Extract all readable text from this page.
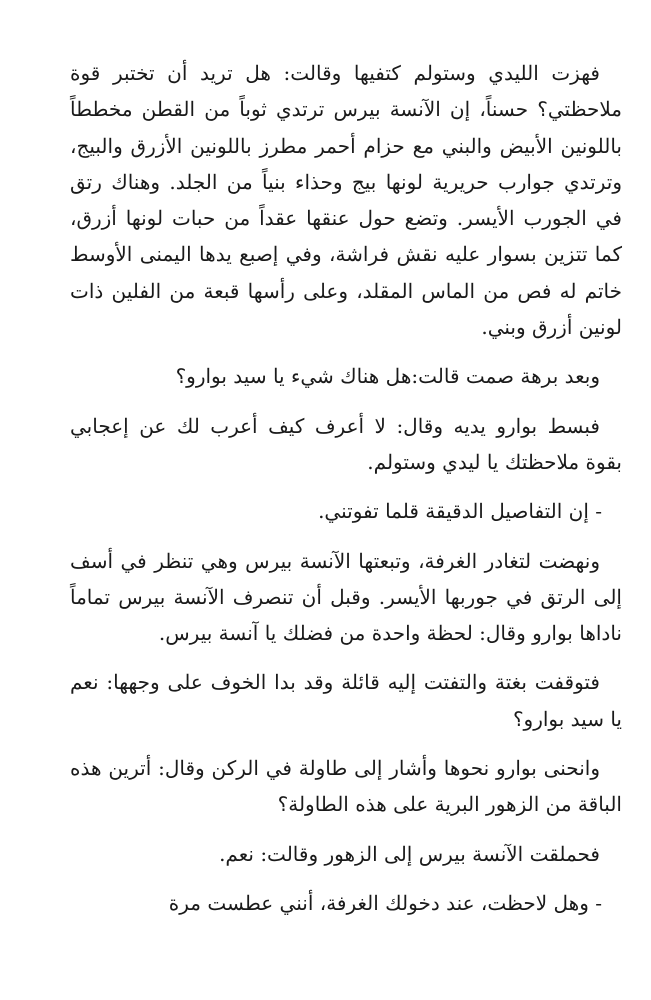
فهزت الليدي وستولم كتفيها وقالت: هل تريد أن تختبر قوة ملاحظتي؟ حسناً، إن الآنسة بيرس ترتدي ثوباً من القطن مخططاً باللونين الأبيض والبني مع حزام أحمر مطرز باللونين الأزرق والبيج، وترتدي جوارب حريرية لونها بيج وحذاء بنياً من الجلد. وهناك رتق في الجورب الأيسر. وتضع حول عنقها عقداً من حبات لونها أزرق، كما تتزين بسوار عليه نقش فراشة، وفي إصبع يدها اليمنى الأوسط خاتم له فص من الماس المقلد، وعلى رأسها قبعة من الفلين ذات لونين أزرق وبني.

وبعد برهة صمت قالت:هل هناك شيء يا سيد بوارو؟

فبسط بوارو يديه وقال: لا أعرف كيف أعرب لك عن إعجابي بقوة ملاحظتك يا ليدي وستولم.

- إن التفاصيل الدقيقة قلما تفوتني.

ونهضت لتغادر الغرفة، وتبعتها الآنسة بيرس وهي تنظر في أسف إلى الرتق في جوربها الأيسر. وقبل أن تنصرف الآنسة بيرس تماماً ناداها بوارو وقال: لحظة واحدة من فضلك يا آنسة بيرس.

فتوقفت بغتة والتفتت إليه قائلة وقد بدا الخوف على وجهها: نعم يا سيد بوارو؟

وانحنى بوارو نحوها وأشار إلى طاولة في الركن وقال: أترين هذه الباقة من الزهور البرية على هذه الطاولة؟

فحملقت الآنسة بيرس إلى الزهور وقالت: نعم.

- وهل لاحظت، عند دخولك الغرفة، أنني عطست مرة
